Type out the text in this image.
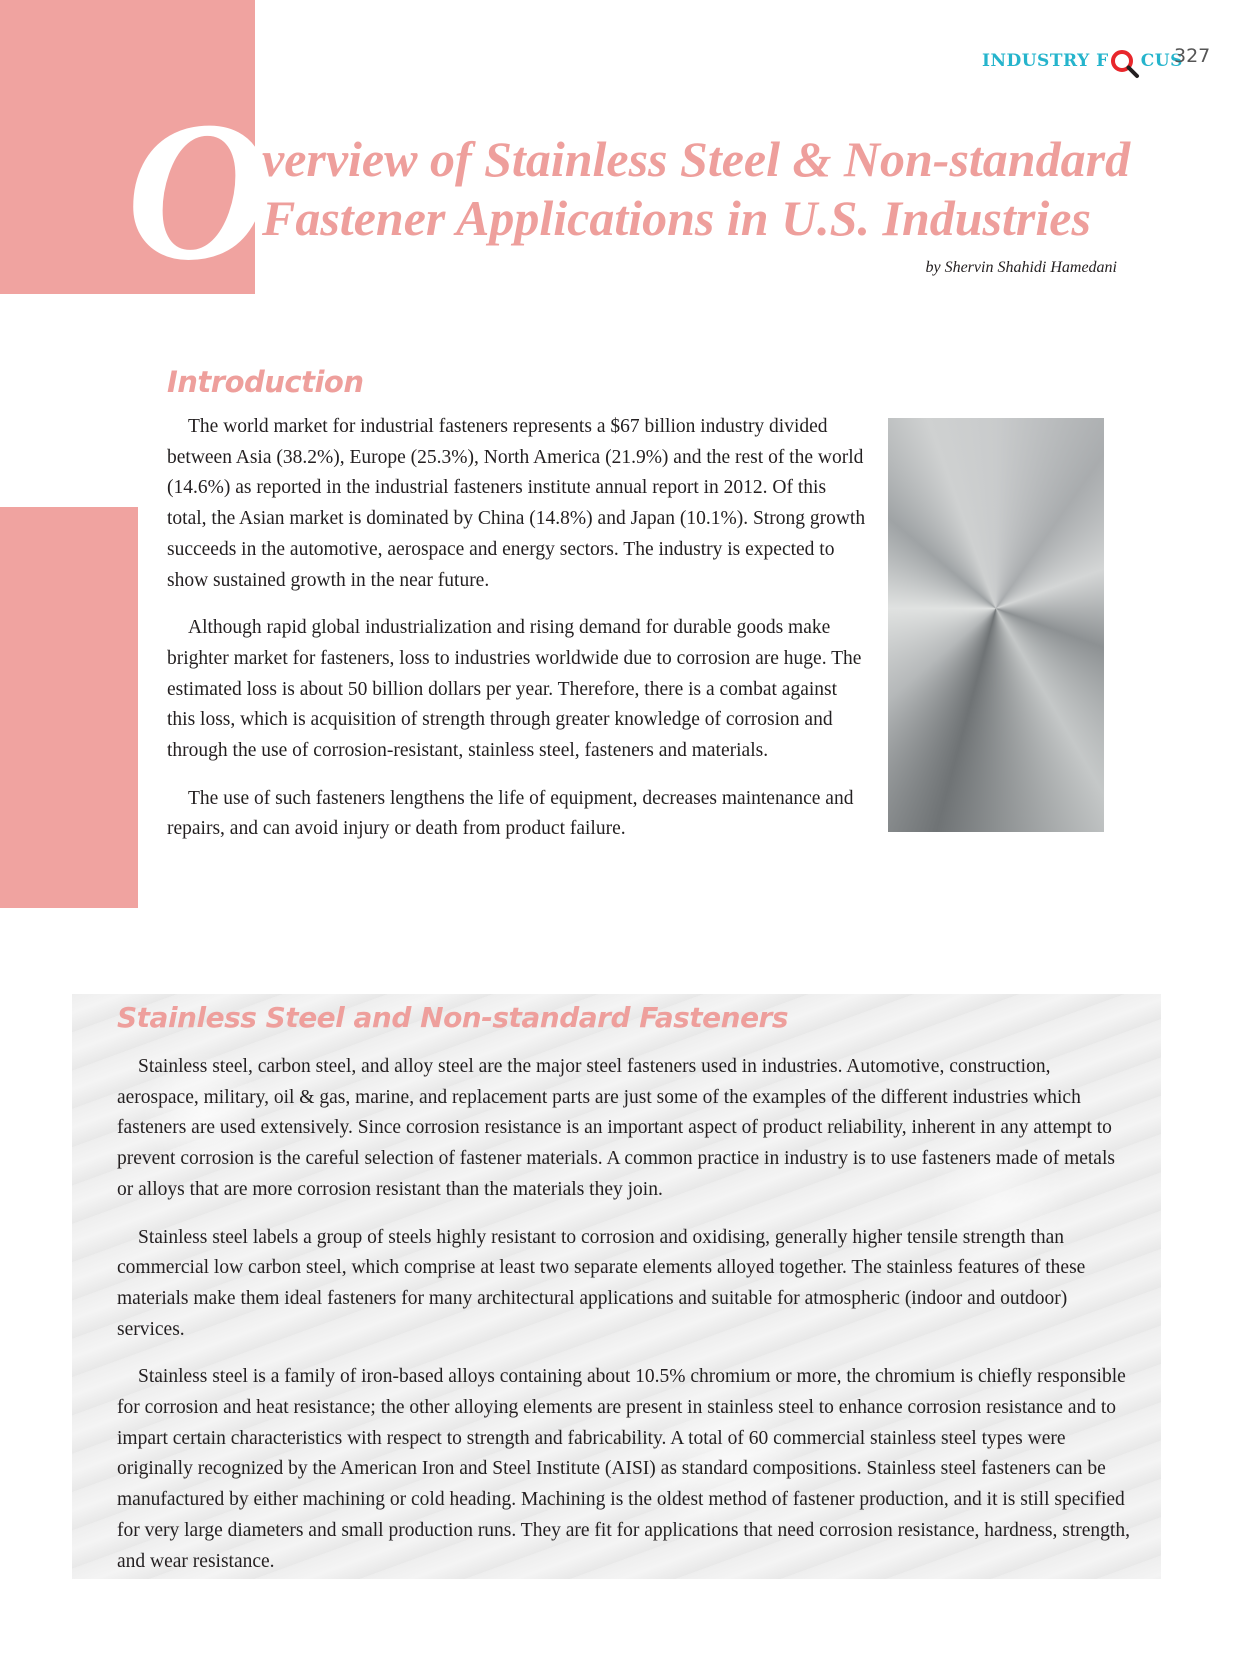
INDUSTRY F CUS
327
O
verview of Stainless Steel & Non-standard
Fastener Applications in U.S. Industries
by Shervin Shahidi Hamedani
Introduction

The world market for industrial fasteners represents a $67 billion industry divided between Asia (38.2%), Europe (25.3%), North America (21.9%) and the rest of the world (14.6%) as reported in the industrial fasteners institute annual report in 2012. Of this total, the Asian market is dominated by China (14.8%) and Japan (10.1%). Strong growth succeeds in the automotive, aerospace and energy sectors. The industry is expected to show sustained growth in the near future.

Although rapid global industrialization and rising demand for durable goods make brighter market for fasteners, loss to industries worldwide due to corrosion are huge. The estimated loss is about 50 billion dollars per year. Therefore, there is a combat against this loss, which is acquisition of strength through greater knowledge of corrosion and through the use of corrosion-resistant, stainless steel, fasteners and materials.

The use of such fasteners lengthens the life of equipment, decreases maintenance and repairs, and can avoid injury or death from product failure.

Stainless Steel and Non-standard Fasteners

Stainless steel, carbon steel, and alloy steel are the major steel fasteners used in industries. Automotive, construction, aerospace, military, oil & gas, marine, and replacement parts are just some of the examples of the different industries which fasteners are used extensively. Since corrosion resistance is an important aspect of product reliability, inherent in any attempt to prevent corrosion is the careful selection of fastener materials. A common practice in industry is to use fasteners made of metals or alloys that are more corrosion resistant than the materials they join.

Stainless steel labels a group of steels highly resistant to corrosion and oxidising, generally higher tensile strength than commercial low carbon steel, which comprise at least two separate elements alloyed together. The stainless features of these materials make them ideal fasteners for many architectural applications and suitable for atmospheric (indoor and outdoor) services.

Stainless steel is a family of iron-based alloys containing about 10.5% chromium or more, the chromium is chiefly responsible for corrosion and heat resistance; the other alloying elements are present in stainless steel to enhance corrosion resistance and to impart certain characteristics with respect to strength and fabricability. A total of 60 commercial stainless steel types were originally recognized by the American Iron and Steel Institute (AISI) as standard compositions. Stainless steel fasteners can be manufactured by either machining or cold heading. Machining is the oldest method of fastener production, and it is still specified for very large diameters and small production runs. They are fit for applications that need corrosion resistance, hardness, strength, and wear resistance.
